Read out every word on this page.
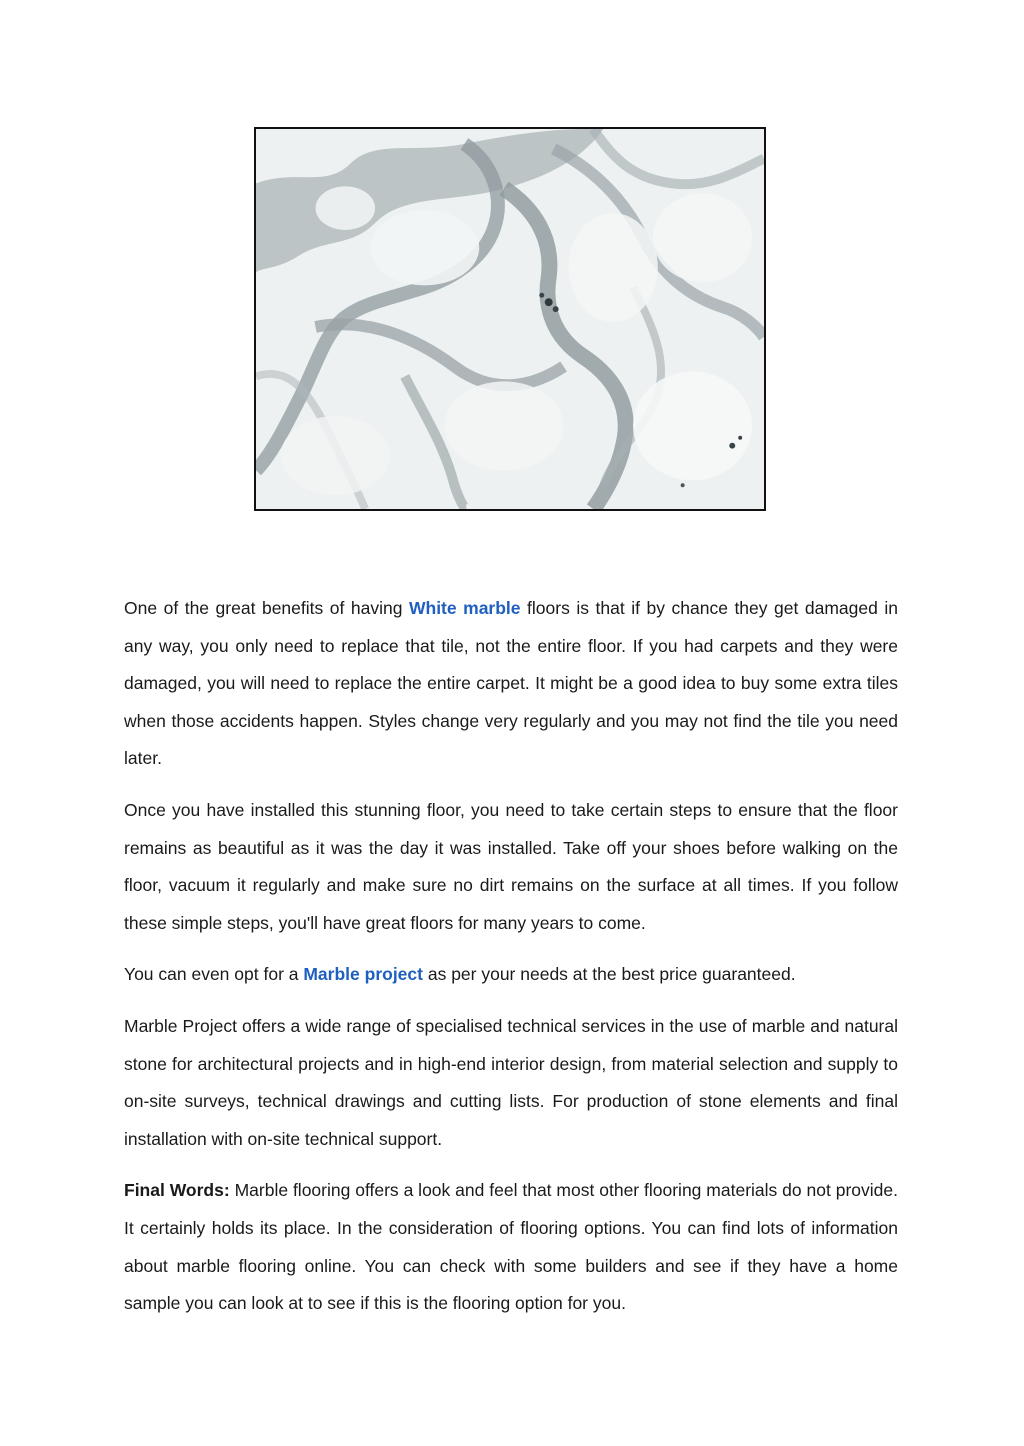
One of the great benefits of having White marble floors is that if by chance they get damaged in any way, you only need to replace that tile, not the entire floor. If you had carpets and they were damaged, you will need to replace the entire carpet. It might be a good idea to buy some extra tiles when those accidents happen. Styles change very regularly and you may not find the tile you need later.

Once you have installed this stunning floor, you need to take certain steps to ensure that the floor remains as beautiful as it was the day it was installed. Take off your shoes before walking on the floor, vacuum it regularly and make sure no dirt remains on the surface at all times. If you follow these simple steps, you'll have great floors for many years to come.

You can even opt for a Marble project as per your needs at the best price guaranteed.

Marble Project offers a wide range of specialised technical services in the use of marble and natural stone for architectural projects and in high-end interior design, from material selection and supply to on-site surveys, technical drawings and cutting lists. For production of stone elements and final installation with on-site technical support.

Final Words: Marble flooring offers a look and feel that most other flooring materials do not provide. It certainly holds its place. In the consideration of flooring options. You can find lots of information about marble flooring online. You can check with some builders and see if they have a home sample you can look at to see if this is the flooring option for you.
